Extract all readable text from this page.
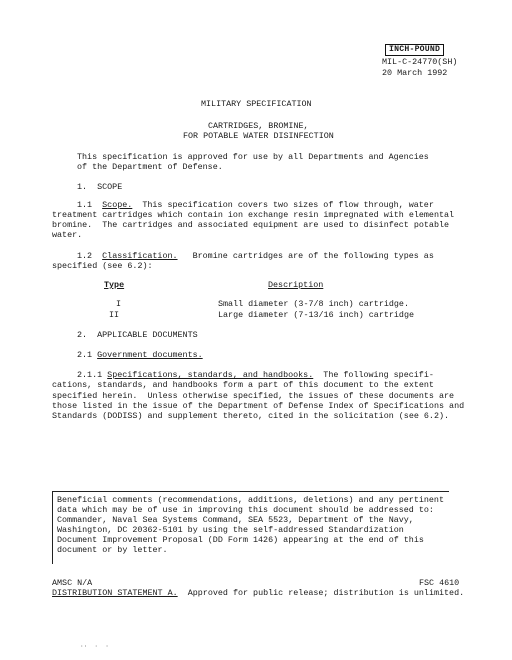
INCH-POUND
MIL-C-24770(SH)
20 March 1992
MILITARY SPECIFICATION
CARTRIDGES, BROMINE,
FOR POTABLE WATER DISINFECTION
This specification is approved for use by all Departments and Agencies
of the Department of Defense.
1.  SCOPE
1.1 Scope. This specification covers two sizes of flow through, water
treatment cartridges which contain ion exchange resin impregnated with elemental
bromine.  The cartridges and associated equipment are used to disinfect potable
water.
1.2 Classification. Bromine cartridges are of the following types as
specified (see 6.2):
Type	Description
I	Small diameter (3-7/8 inch) cartridge.
II	Large diameter (7-13/16 inch) cartridge
2.  APPLICABLE DOCUMENTS
2.1 Government documents.
2.1.1 Specifications, standards, and handbooks. The following specifi-
cations, standards, and handbooks form a part of this document to the extent
specified herein.  Unless otherwise specified, the issues of these documents are
those listed in the issue of the Department of Defense Index of Specifications and
Standards (DODISS) and supplement thereto, cited in the solicitation (see 6.2).
Beneficial comments (recommendations, additions, deletions) and any pertinent
data which may be of use in improving this document should be addressed to:
Commander, Naval Sea Systems Command, SEA 5523, Department of the Navy,
Washington, DC 20362-5101 by using the self-addressed Standardization
Document Improvement Proposal (DD Form 1426) appearing at the end of this
document or by letter.
AMSC N/A	FSC 4610
DISTRIBUTION STATEMENT A. Approved for public release; distribution is unlimited.
··  ·  ·
